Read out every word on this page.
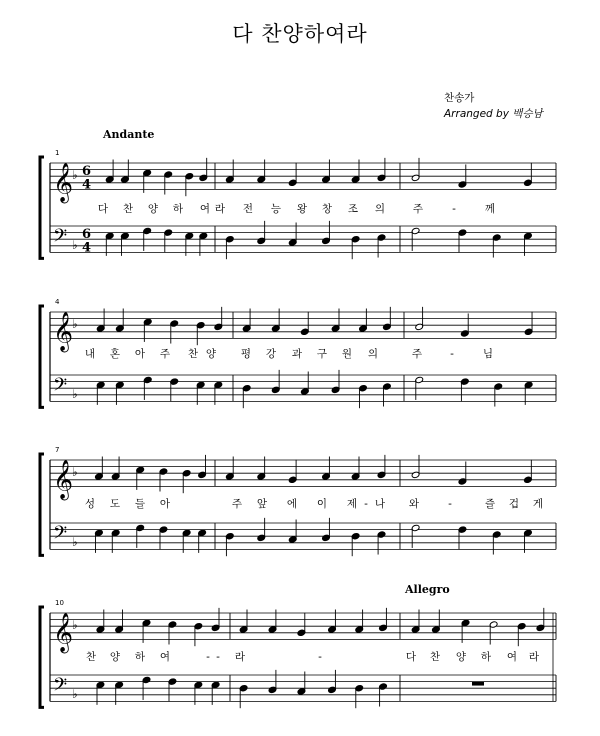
다 찬양하여라
찬송가
Arranged by 백승남
Andante
Allegro
𝄞
𝄢
♭
♭
1
6
4
6
4
다 찬 양 하 여 라 전 능 왕 창 조 의	주	-	께
𝄞
𝄢
♭
♭
4
내 혼 아 주 찬 양 평 강 과 구 원 의	주	-	님
𝄞
𝄢
♭
♭
7
성 도 들 아	주 앞 에 이 제 - 나 와	-	즐 겁 게
𝄞
𝄢
♭
♭
10
찬 양 하 여	- - 라	-	다 찬 양 하 여 라
